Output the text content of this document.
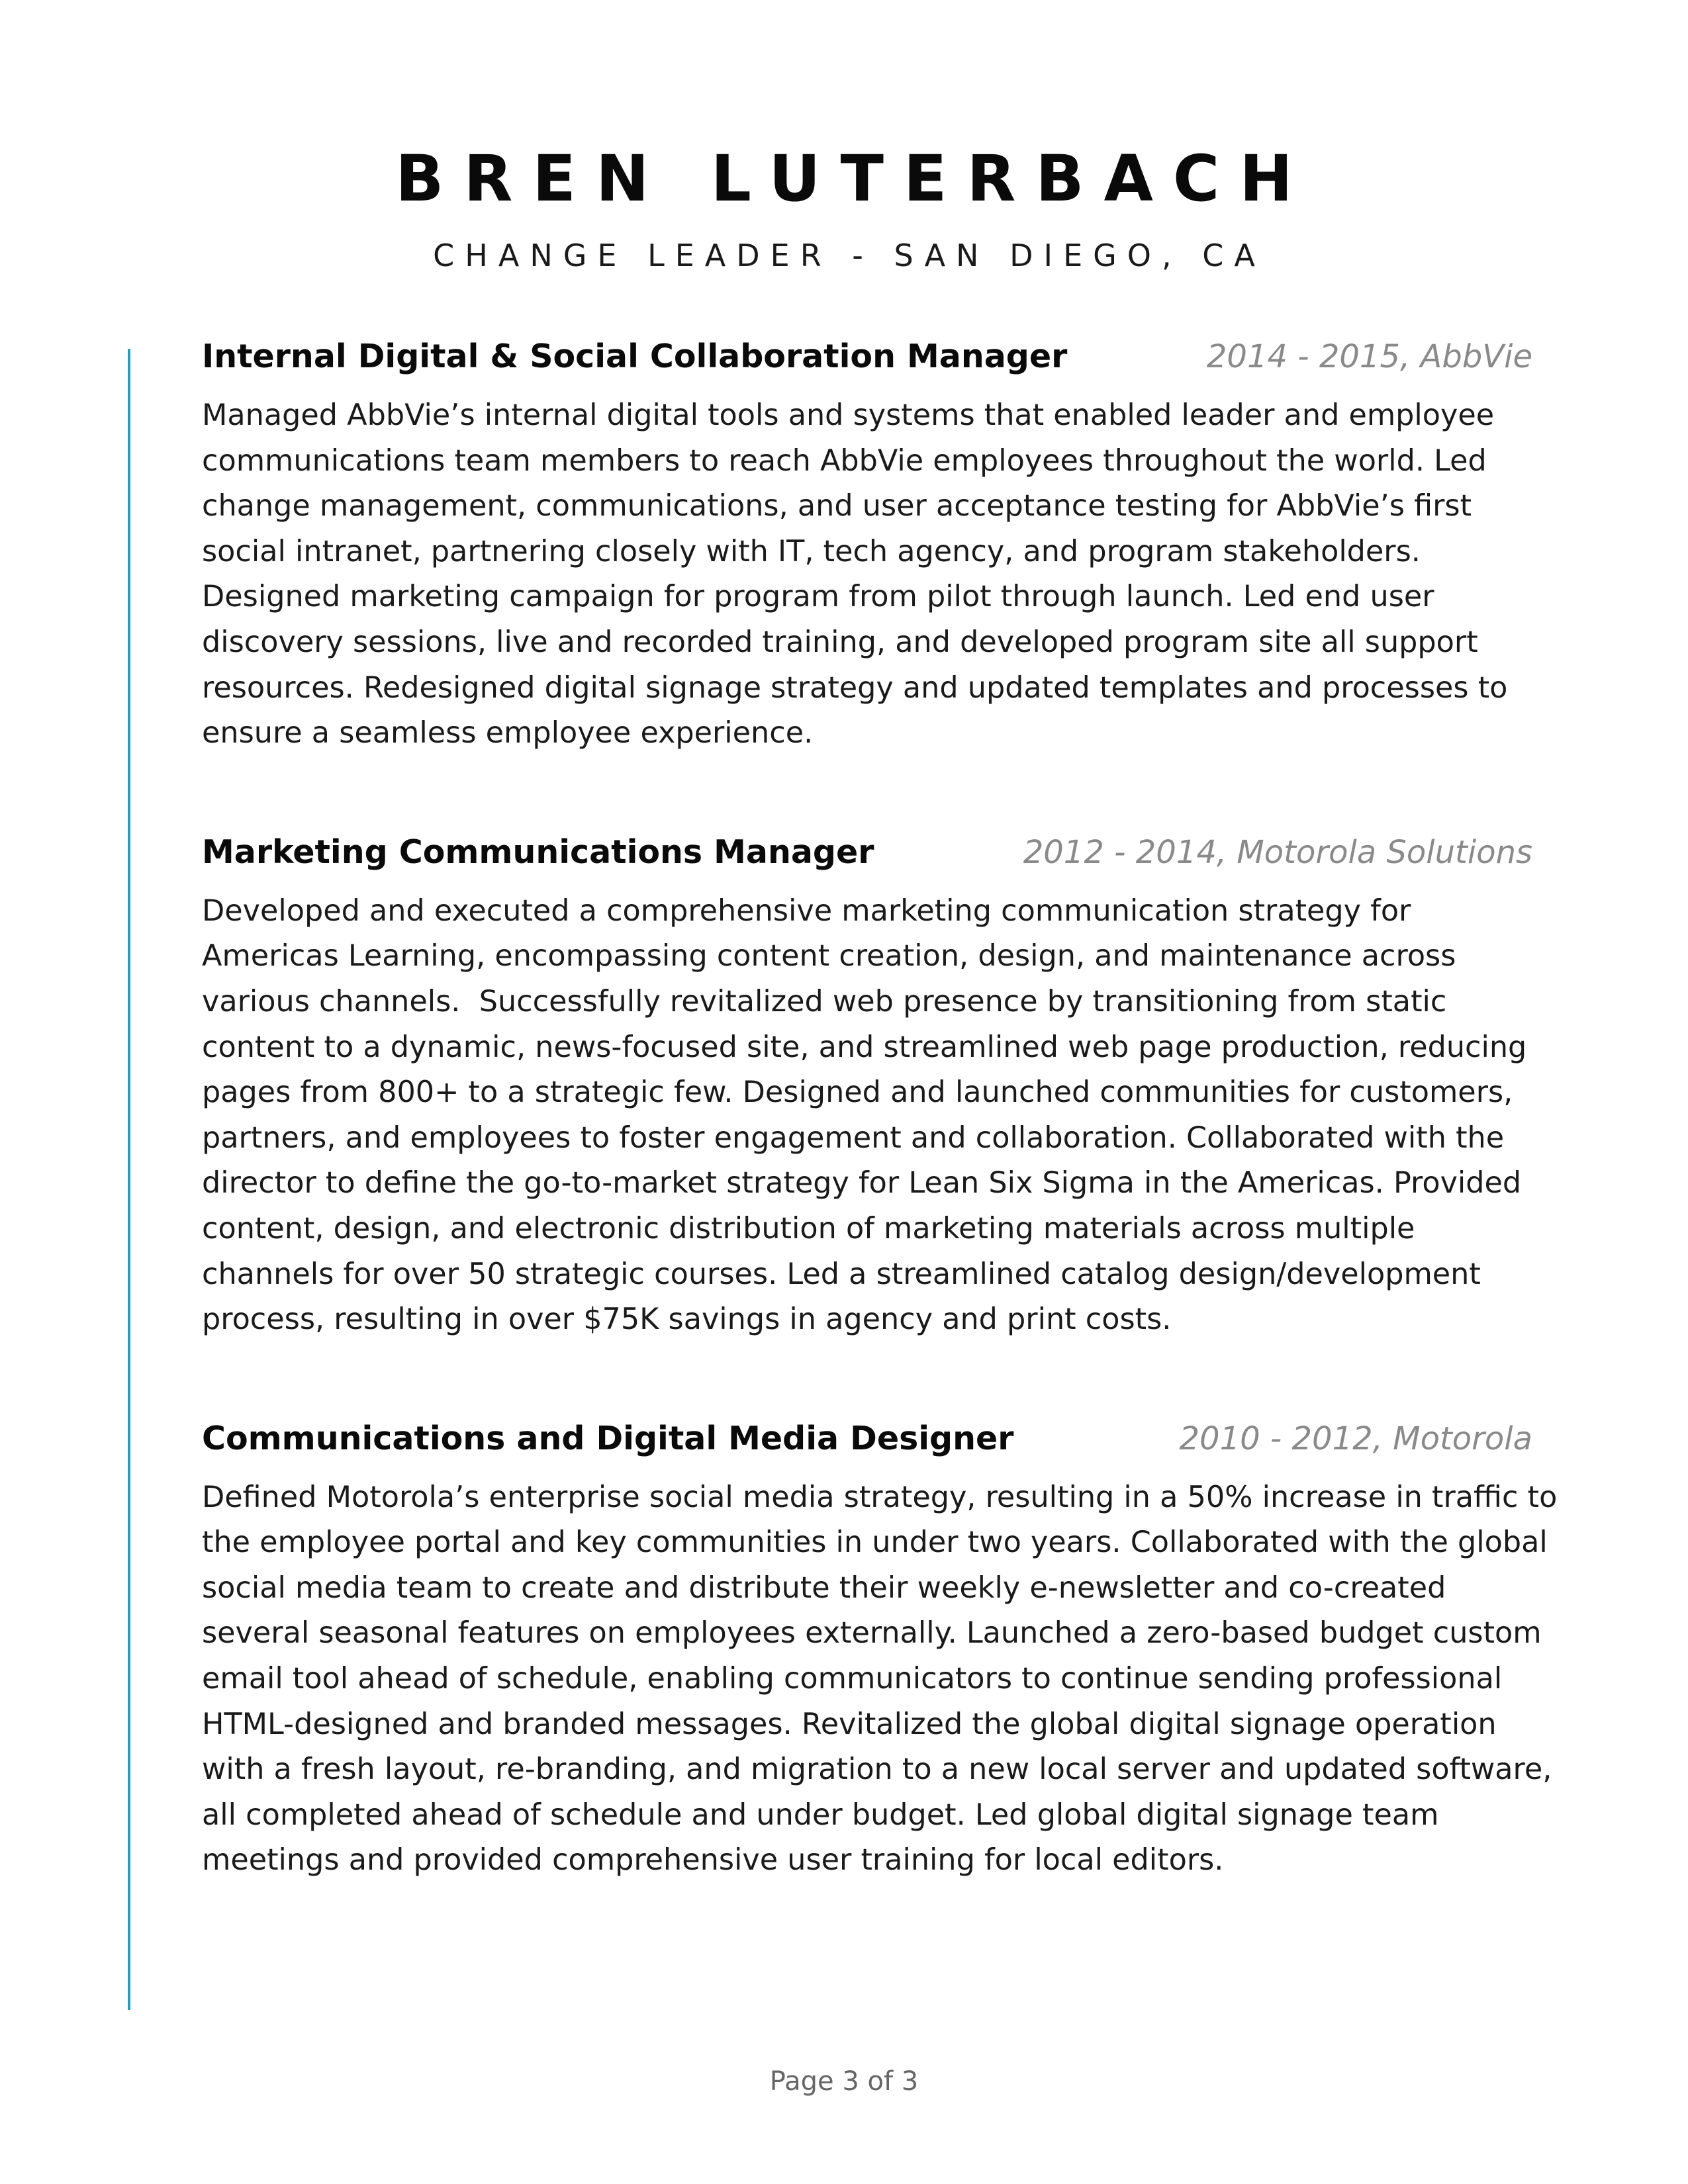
BREN LUTERBACH

CHANGE LEADER - SAN DIEGO, CA

Internal Digital & Social Collaboration Manager	2014 - 2015, AbbVie

Managed AbbVie’s internal digital tools and systems that enabled leader and employee
communications team members to reach AbbVie employees throughout the world. Led
change management, communications, and user acceptance testing for AbbVie’s first
social intranet, partnering closely with IT, tech agency, and program stakeholders.
Designed marketing campaign for program from pilot through launch. Led end user
discovery sessions, live and recorded training, and developed program site all support
resources. Redesigned digital signage strategy and updated templates and processes to
ensure a seamless employee experience.

Marketing Communications Manager	2012 - 2014, Motorola Solutions

Developed and executed a comprehensive marketing communication strategy for
Americas Learning, encompassing content creation, design, and maintenance across
various channels.  Successfully revitalized web presence by transitioning from static
content to a dynamic, news-focused site, and streamlined web page production, reducing
pages from 800+ to a strategic few. Designed and launched communities for customers,
partners, and employees to foster engagement and collaboration. Collaborated with the
director to define the go-to-market strategy for Lean Six Sigma in the Americas. Provided
content, design, and electronic distribution of marketing materials across multiple
channels for over 50 strategic courses. Led a streamlined catalog design/development
process, resulting in over $75K savings in agency and print costs.

Communications and Digital Media Designer	2010 - 2012, Motorola

Defined Motorola’s enterprise social media strategy, resulting in a 50% increase in traffic to
the employee portal and key communities in under two years. Collaborated with the global
social media team to create and distribute their weekly e-newsletter and co-created
several seasonal features on employees externally. Launched a zero-based budget custom
email tool ahead of schedule, enabling communicators to continue sending professional
HTML-designed and branded messages. Revitalized the global digital signage operation
with a fresh layout, re-branding, and migration to a new local server and updated software,
all completed ahead of schedule and under budget. Led global digital signage team
meetings and provided comprehensive user training for local editors.

Page 3 of 3
